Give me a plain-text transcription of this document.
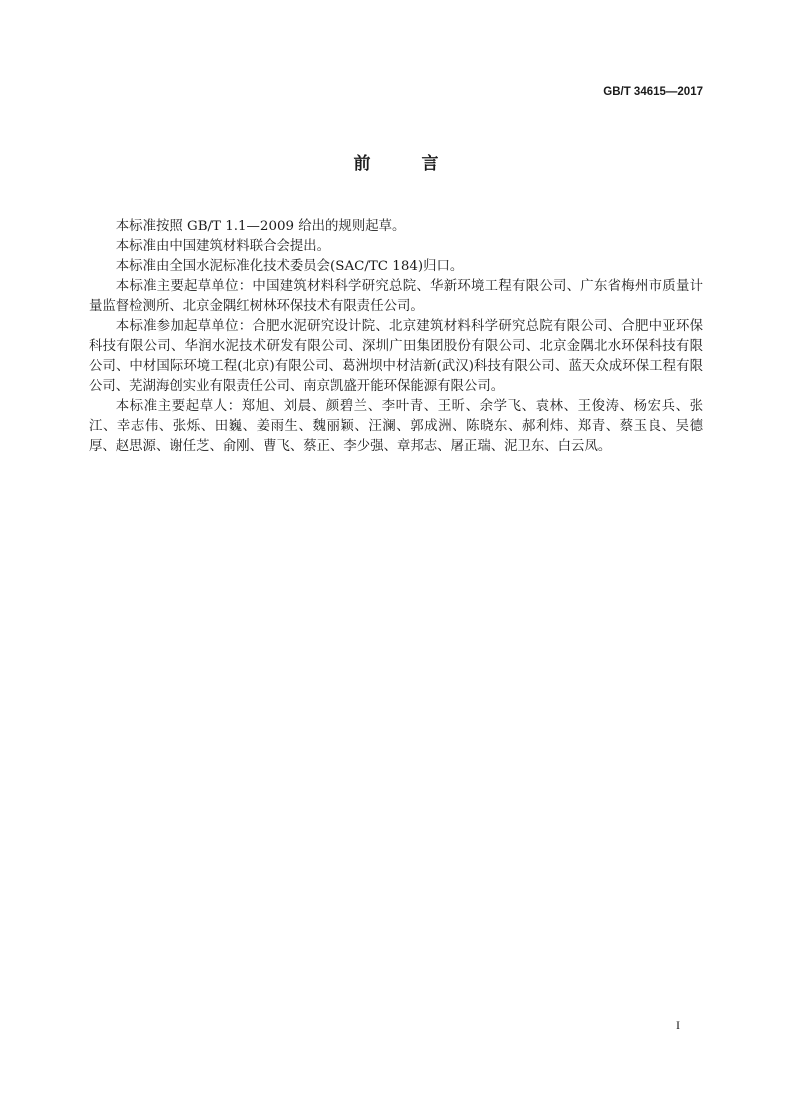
GB/T 34615—2017
前　言

本标准按照 GB/T 1.1—2009 给出的规则起草。

本标准由中国建筑材料联合会提出。

本标准由全国水泥标准化技术委员会(SAC/TC 184)归口。

本标准主要起草单位：中国建筑材料科学研究总院、华新环境工程有限公司、广东省梅州市质量计量监督检测所、北京金隅红树林环保技术有限责任公司。

本标准参加起草单位：合肥水泥研究设计院、北京建筑材料科学研究总院有限公司、合肥中亚环保科技有限公司、华润水泥技术研发有限公司、深圳广田集团股份有限公司、北京金隅北水环保科技有限公司、中材国际环境工程(北京)有限公司、葛洲坝中材洁新(武汉)科技有限公司、蓝天众成环保工程有限公司、芜湖海创实业有限责任公司、南京凯盛开能环保能源有限公司。

本标准主要起草人：郑旭、刘晨、颜碧兰、李叶青、王昕、余学飞、袁林、王俊涛、杨宏兵、张江、幸志伟、张烁、田巍、姜雨生、魏丽颖、汪澜、郭成洲、陈晓东、郝利炜、郑青、蔡玉良、吴德厚、赵思源、谢任芝、俞刚、曹飞、蔡正、李少强、章邦志、屠正瑞、泥卫东、白云凤。

I
